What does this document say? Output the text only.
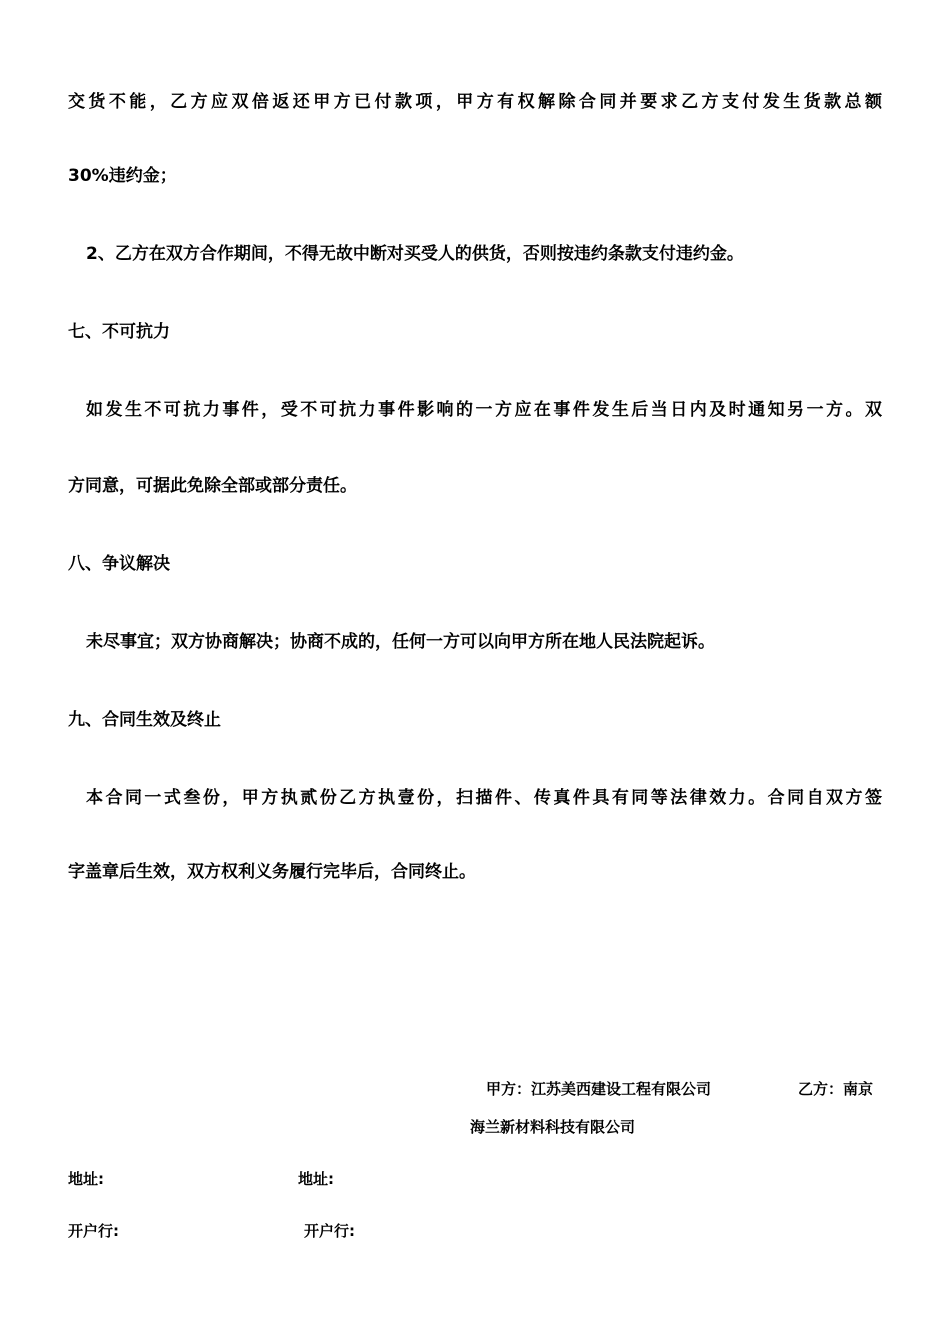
交货不能，乙方应双倍返还甲方已付款项，甲方有权解除合同并要求乙方支付发生货款总额
30%违约金；
2、乙方在双方合作期间，不得无故中断对买受人的供货，否则按违约条款支付违约金。
七、不可抗力
如发生不可抗力事件，受不可抗力事件影响的一方应在事件发生后当日内及时通知另一方。双
方同意，可据此免除全部或部分责任。
八、争议解决
未尽事宜；双方协商解决；协商不成的，任何一方可以向甲方所在地人民法院起诉。
九、合同生效及终止
本合同一式叁份，甲方执贰份乙方执壹份，扫描件、传真件具有同等法律效力。合同自双方签
字盖章后生效，双方权利义务履行完毕后，合同终止。
甲方：江苏美西建设工程有限公司	乙方：南京
海兰新材料科技有限公司
地址:	地址:
开户行:	开户行:
